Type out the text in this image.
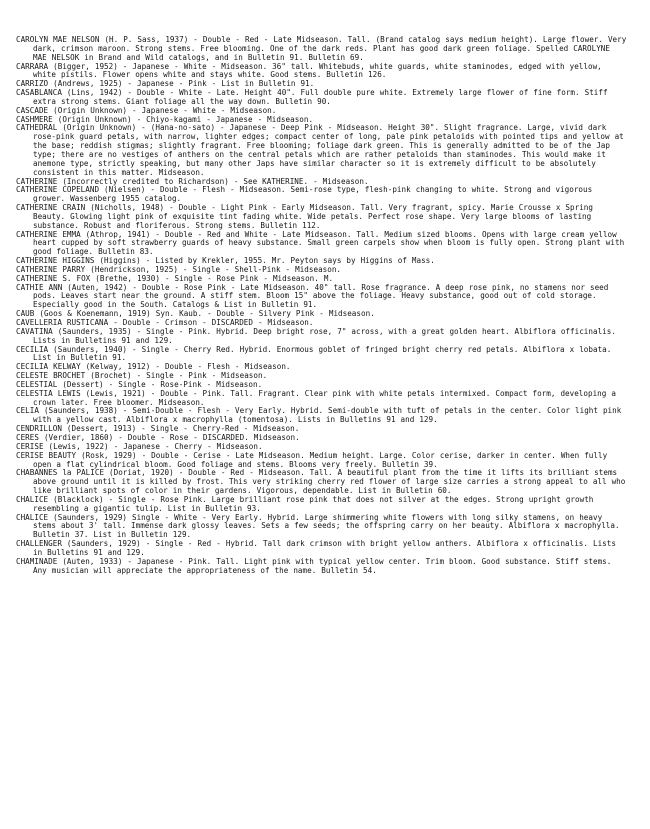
CAROLYN MAE NELSON (H. P. Sass, 1937) - Double - Red - Late Midseason. Tall. (Brand catalog says medium height). Large flower. Very dark, crimson maroon. Strong stems. Free blooming. One of the dark reds. Plant has good dark green foliage. Spelled CAROLYNE MAE NELSOK in Brand and Wild catalogs, and in Bulletin 91. Bulletin 69.

CARRARA (Bigger, 1952) - Japanese - White - Midseason. 36" tall. Whitebuds, white guards, white staminodes, edged with yellow, white pistils. Flower opens white and stays white. Good stems. Bulletin 126.

CARRIZO (Andrews, 1925) - Japanese - Pink - List in Bulletin 91.

CASABLANCA (Lins, 1942) - Double - White - Late. Height 40". Full double pure white. Extremely large flower of fine form. Stiff extra strong stems. Giant foliage all the way down. Bulletin 90.

CASCADE (Origin Unknown) - Japanese - White - Midseason.

CASHMERE (Origin Unknown) - Chiyo-kagami - Japanese - Midseason.

CATHEDRAL (Origin Unknown) - (Hana-no-sato) - Japanese - Deep Pink - Midseason. Height 30". Slight fragrance. Large, vivid dark rose-pink guard petals, with narrow, lighter edges; compact center of long, pale pink petaloids with pointed tips and yellow at the base; reddish stigmas; slightly fragrant. Free blooming; foliage dark green. This is generally admitted to be of the Jap type; there are no vestiges of anthers on the central petals which are rather petaloids than staminodes. This would make it anemone type, strictly speaking, but many other Japs have similar character so it is extremely difficult to be absolutely consistent in this matter. Midseason.

CATHERINE (Incorrectly credited to Richardson) - See KATHERINE. - Midseason.

CATHERINE COPELAND (Nielsen) - Double - Flesh - Midseason. Semi-rose type, flesh-pink changing to white. Strong and vigorous grower. Wassenberg 1955 catalog.

CATHERINE CRAIN (Nicholls, 1948) - Double - Light Pink - Early Midseason. Tall. Very fragrant, spicy. Marie Crousse x Spring Beauty. Glowing light pink of exquisite tint fading white. Wide petals. Perfect rose shape. Very large blooms of lasting substance. Robust and floriferous. Strong stems. Bulletin 112.

CATHERINE EMMA (Athrop, 1941) - Double - Red and White - Late Midseason. Tall. Medium sized blooms. Opens with large cream yellow heart cupped by soft strawberry guards of heavy substance. Small green carpels show when bloom is fully open. Strong plant with good foliage. Bulletin 83.

CATHERINE HIGGINS (Higgins) - Listed by Krekler, 1955. Mr. Peyton says by Higgins of Mass.

CATHERINE PARRY (Hendrickson, 1925) - Single - Shell-Pink - Midseason.

CATHERINE S. FOX (Brethe, 1930) - Single - Rose Pink - Midseason. M.

CATHIE ANN (Auten, 1942) - Double - Rose Pink - Late Midseason. 40" tall. Rose fragrance. A deep rose pink, no stamens nor seed pods. Leaves start near the ground. A stiff stem. Bloom 15" above the foliage. Heavy substance, good out of cold storage. Especially good in the South. Catalogs & List in Bulletin 91.

CAUB (Goos & Koenemann, 1919) Syn. Kaub. - Double - Silvery Pink - Midseason.

CAVELLERIA RUSTICANA - Double - Crimson - DISCARDED - Midseason.

CAVATINA (Saunders, 1935) - Single - Pink. Hybrid. Deep bright rose, 7" across, with a great golden heart. Albiflora officinalis. Lists in Bulletins 91 and 129.

CECILIA (Saunders, 1940) - Single - Cherry Red. Hybrid. Enormous goblet of fringed bright cherry red petals. Albiflora x lobata. List in Bulletin 91.

CECILIA KELWAY (Kelway, 1912) - Double - Flesh - Midseason.

CELESTE BROCHET (Brochet) - Single - Pink - Midseason.

CELESTIAL (Dessert) - Single - Rose-Pink - Midseason.

CELESTIA LEWIS (Lewis, 1921) - Double - Pink. Tall. Fragrant. Clear pink with white petals intermixed. Compact form, developing a crown later. Free bloomer. Midseason.

CELIA (Saunders, 1938) - Semi-Double - Flesh - Very Early. Hybrid. Semi-double with tuft of petals in the center. Color light pink with a yellow cast. Albiflora x macrophylla (tomentosa). Lists in Bulletins 91 and 129.

CENDRILLON (Dessert, 1913) - Single - Cherry-Red - Midseason.

CERES (Verdier, 1860) - Double - Rose - DISCARDED. Midseason.

CERISE (Lewis, 1922) - Japanese - Cherry - Midseason.

CERISE BEAUTY (Rosk, 1929) - Double - Cerise - Late Midseason. Medium height. Large. Color cerise, darker in center. When fully open a flat cylindrical bloom. Good foliage and stems. Blooms very freely. Bulletin 39.

CHABANNES la PALICE (Doriat, 1920) - Double - Red - Midseason. Tall. A beautiful plant from the time it lifts its brilliant stems above ground until it is killed by frost. This very striking cherry red flower of large size carries a strong appeal to all who like brilliant spots of color in their gardens. Vigorous, dependable. List in Bulletin 60.

CHALICE (Blacklock) - Single - Rose Pink. Large brilliant rose pink that does not silver at the edges. Strong upright growth resembling a gigantic tulip. List in Bulletin 93.

CHALICE (Saunders, 1929) Single - White - Very Early. Hybrid. Large shimmering white flowers with long silky stamens, on heavy stems about 3' tall. Immense dark glossy leaves. Sets a few seeds; the offspring carry on her beauty. Albiflora x macrophylla. Bulletin 37. List in Bulletin 129.

CHALLENGER (Saunders, 1929) - Single - Red - Hybrid. Tall dark crimson with bright yellow anthers. Albiflora x officinalis. Lists in Bulletins 91 and 129.

CHAMINADE (Auten, 1933) - Japanese - Pink. Tall. Light pink with typical yellow center. Trim bloom. Good substance. Stiff stems. Any musician will appreciate the appropriateness of the name. Bulletin 54.
